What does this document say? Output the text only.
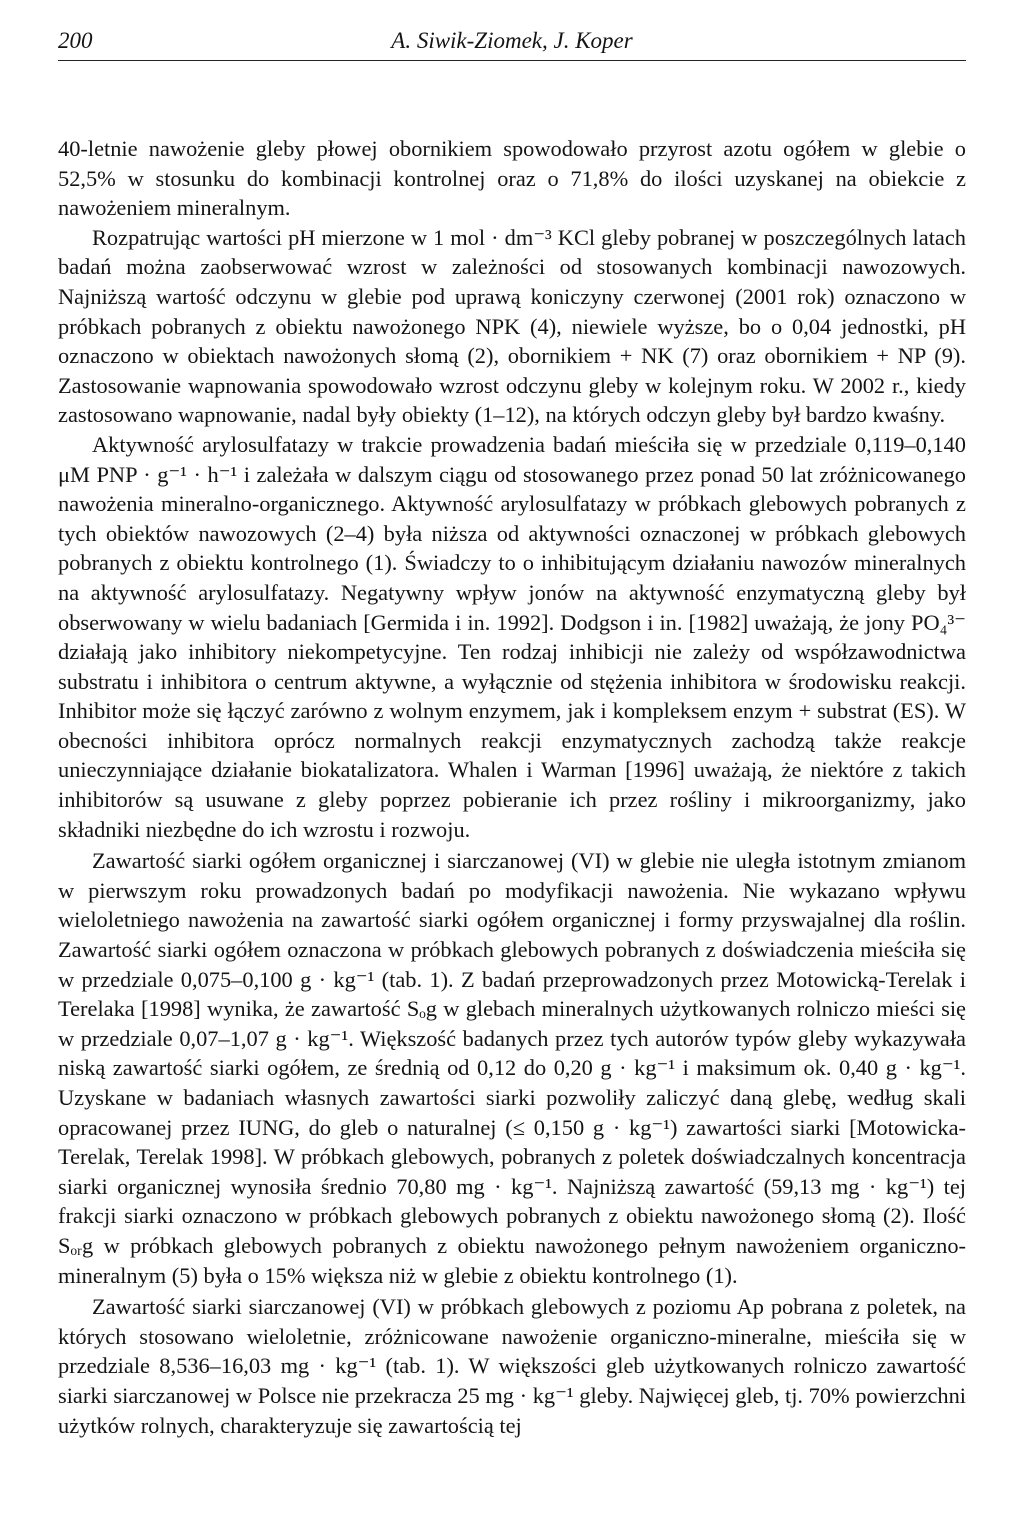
200	A. Siwik-Ziomek, J. Koper

40-letnie nawożenie gleby płowej obornikiem spowodowało przyrost azotu ogółem w glebie o 52,5% w stosunku do kombinacji kontrolnej oraz o 71,8% do ilości uzyskanej na obiekcie z nawożeniem mineralnym.

Rozpatrując wartości pH mierzone w 1 mol · dm⁻³ KCl gleby pobranej w poszczególnych latach badań można zaobserwować wzrost w zależności od stosowanych kombinacji nawozowych. Najniższą wartość odczynu w glebie pod uprawą koniczyny czerwonej (2001 rok) oznaczono w próbkach pobranych z obiektu nawożonego NPK (4), niewiele wyższe, bo o 0,04 jednostki, pH oznaczono w obiektach nawożonych słomą (2), obornikiem + NK (7) oraz obornikiem + NP (9). Zastosowanie wapnowania spowodowało wzrost odczynu gleby w kolejnym roku. W 2002 r., kiedy zastosowano wapnowanie, nadal były obiekty (1–12), na których odczyn gleby był bardzo kwaśny.

Aktywność arylosulfatazy w trakcie prowadzenia badań mieściła się w przedziale 0,119–0,140 μM PNP · g⁻¹ · h⁻¹ i zależała w dalszym ciągu od stosowanego przez ponad 50 lat zróżnicowanego nawożenia mineralno-organicznego. Aktywność arylosulfatazy w próbkach glebowych pobranych z tych obiektów nawozowych (2–4) była niższa od aktywności oznaczonej w próbkach glebowych pobranych z obiektu kontrolnego (1). Świadczy to o inhibitującym działaniu nawozów mineralnych na aktywność arylosulfatazy. Negatywny wpływ jonów na aktywność enzymatyczną gleby był obserwowany w wielu badaniach [Germida i in. 1992]. Dodgson i in. [1982] uważają, że jony PO₄³⁻ działają jako inhibitory niekompetycyjne. Ten rodzaj inhibicji nie zależy od współzawodnictwa substratu i inhibitora o centrum aktywne, a wyłącznie od stężenia inhibitora w środowisku reakcji. Inhibitor może się łączyć zarówno z wolnym enzymem, jak i kompleksem enzym + substrat (ES). W obecności inhibitora oprócz normalnych reakcji enzymatycznych zachodzą także reakcje unieczynniające działanie biokatalizatora. Whalen i Warman [1996] uważają, że niektóre z takich inhibitorów są usuwane z gleby poprzez pobieranie ich przez rośliny i mikroorganizmy, jako składniki niezbędne do ich wzrostu i rozwoju.

Zawartość siarki ogółem organicznej i siarczanowej (VI) w glebie nie uległa istotnym zmianom w pierwszym roku prowadzonych badań po modyfikacji nawożenia. Nie wykazano wpływu wieloletniego nawożenia na zawartość siarki ogółem organicznej i formy przyswajalnej dla roślin. Zawartość siarki ogółem oznaczona w próbkach glebowych pobranych z doświadczenia mieściła się w przedziale 0,075–0,100 g · kg⁻¹ (tab. 1). Z badań przeprowadzonych przez Motowicką-Terelak i Terelaka [1998] wynika, że zawartość Sₒg w glebach mineralnych użytkowanych rolniczo mieści się w przedziale 0,07–1,07 g · kg⁻¹. Większość badanych przez tych autorów typów gleby wykazywała niską zawartość siarki ogółem, ze średnią od 0,12 do 0,20 g · kg⁻¹ i maksimum ok. 0,40 g · kg⁻¹. Uzyskane w badaniach własnych zawartości siarki pozwoliły zaliczyć daną glebę, według skali opracowanej przez IUNG, do gleb o naturalnej (≤ 0,150 g · kg⁻¹) zawartości siarki [Motowicka-Terelak, Terelak 1998]. W próbkach glebowych, pobranych z poletek doświadczalnych koncentracja siarki organicznej wynosiła średnio 70,80 mg · kg⁻¹. Najniższą zawartość (59,13 mg · kg⁻¹) tej frakcji siarki oznaczono w próbkach glebowych pobranych z obiektu nawożonego słomą (2). Ilość Sₒᵣg w próbkach glebowych pobranych z obiektu nawożonego pełnym nawożeniem organiczno-mineralnym (5) była o 15% większa niż w glebie z obiektu kontrolnego (1).

Zawartość siarki siarczanowej (VI) w próbkach glebowych z poziomu Ap pobrana z poletek, na których stosowano wieloletnie, zróżnicowane nawożenie organiczno-mineralne, mieściła się w przedziale 8,536–16,03 mg · kg⁻¹ (tab. 1). W większości gleb użytkowanych rolniczo zawartość siarki siarczanowej w Polsce nie przekracza 25 mg · kg⁻¹ gleby. Najwięcej gleb, tj. 70% powierzchni użytków rolnych, charakteryzuje się zawartością tej
